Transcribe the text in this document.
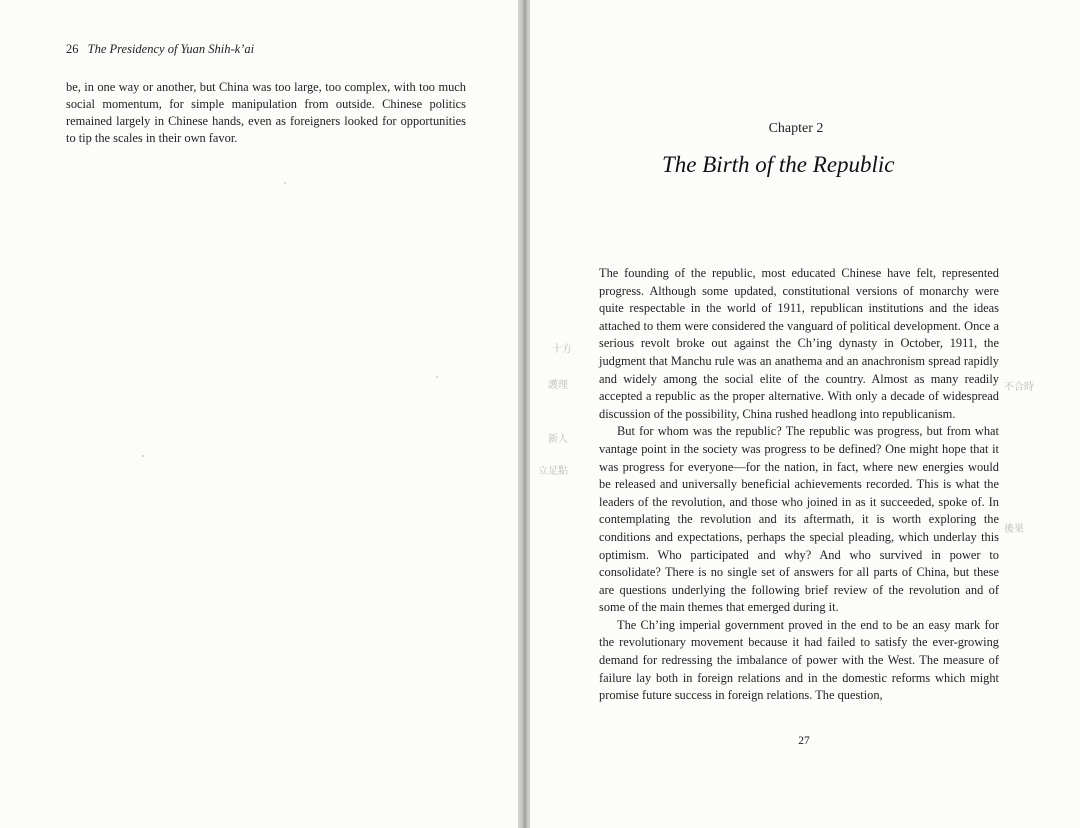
26 The Presidency of Yuan Shih-k’ai

be, in one way or another, but China was too large, too complex, with too much social momentum, for simple manipulation from outside. Chinese politics remained largely in Chinese hands, even as foreigners looked for opportunities to tip the scales in their own favor.

Chapter 2
The Birth of the Republic

The founding of the republic, most educated Chinese have felt, represented progress. Although some updated, constitutional versions of monarchy were quite respectable in the world of 1911, republican institutions and the ideas attached to them were considered the vanguard of political development. Once a serious revolt broke out against the Ch’ing dynasty in October, 1911, the judgment that Manchu rule was an anathema and an anachronism spread rapidly and widely among the social elite of the country. Almost as many readily accepted a republic as the proper alternative. With only a decade of widespread discussion of the possibility, China rushed headlong into republicanism.

But for whom was the republic? The republic was progress, but from what vantage point in the society was progress to be defined? One might hope that it was progress for everyone—for the nation, in fact, where new energies would be released and universally beneficial achievements recorded. This is what the leaders of the revolution, and those who joined in as it succeeded, spoke of. In contemplating the revolution and its aftermath, it is worth exploring the conditions and expectations, perhaps the special pleading, which underlay this optimism. Who participated and why? And who survived in power to consolidate? There is no single set of answers for all parts of China, but these are questions underlying the following brief review of the revolution and of some of the main themes that emerged during it.

The Ch’ing imperial government proved in the end to be an easy mark for the revolutionary movement because it had failed to satisfy the ever-growing demand for redressing the imbalance of power with the West. The measure of failure lay both in foreign relations and in the domestic reforms which might promise future success in foreign relations. The question,

27
十方
護理	不合時
新人
立足點
後果
